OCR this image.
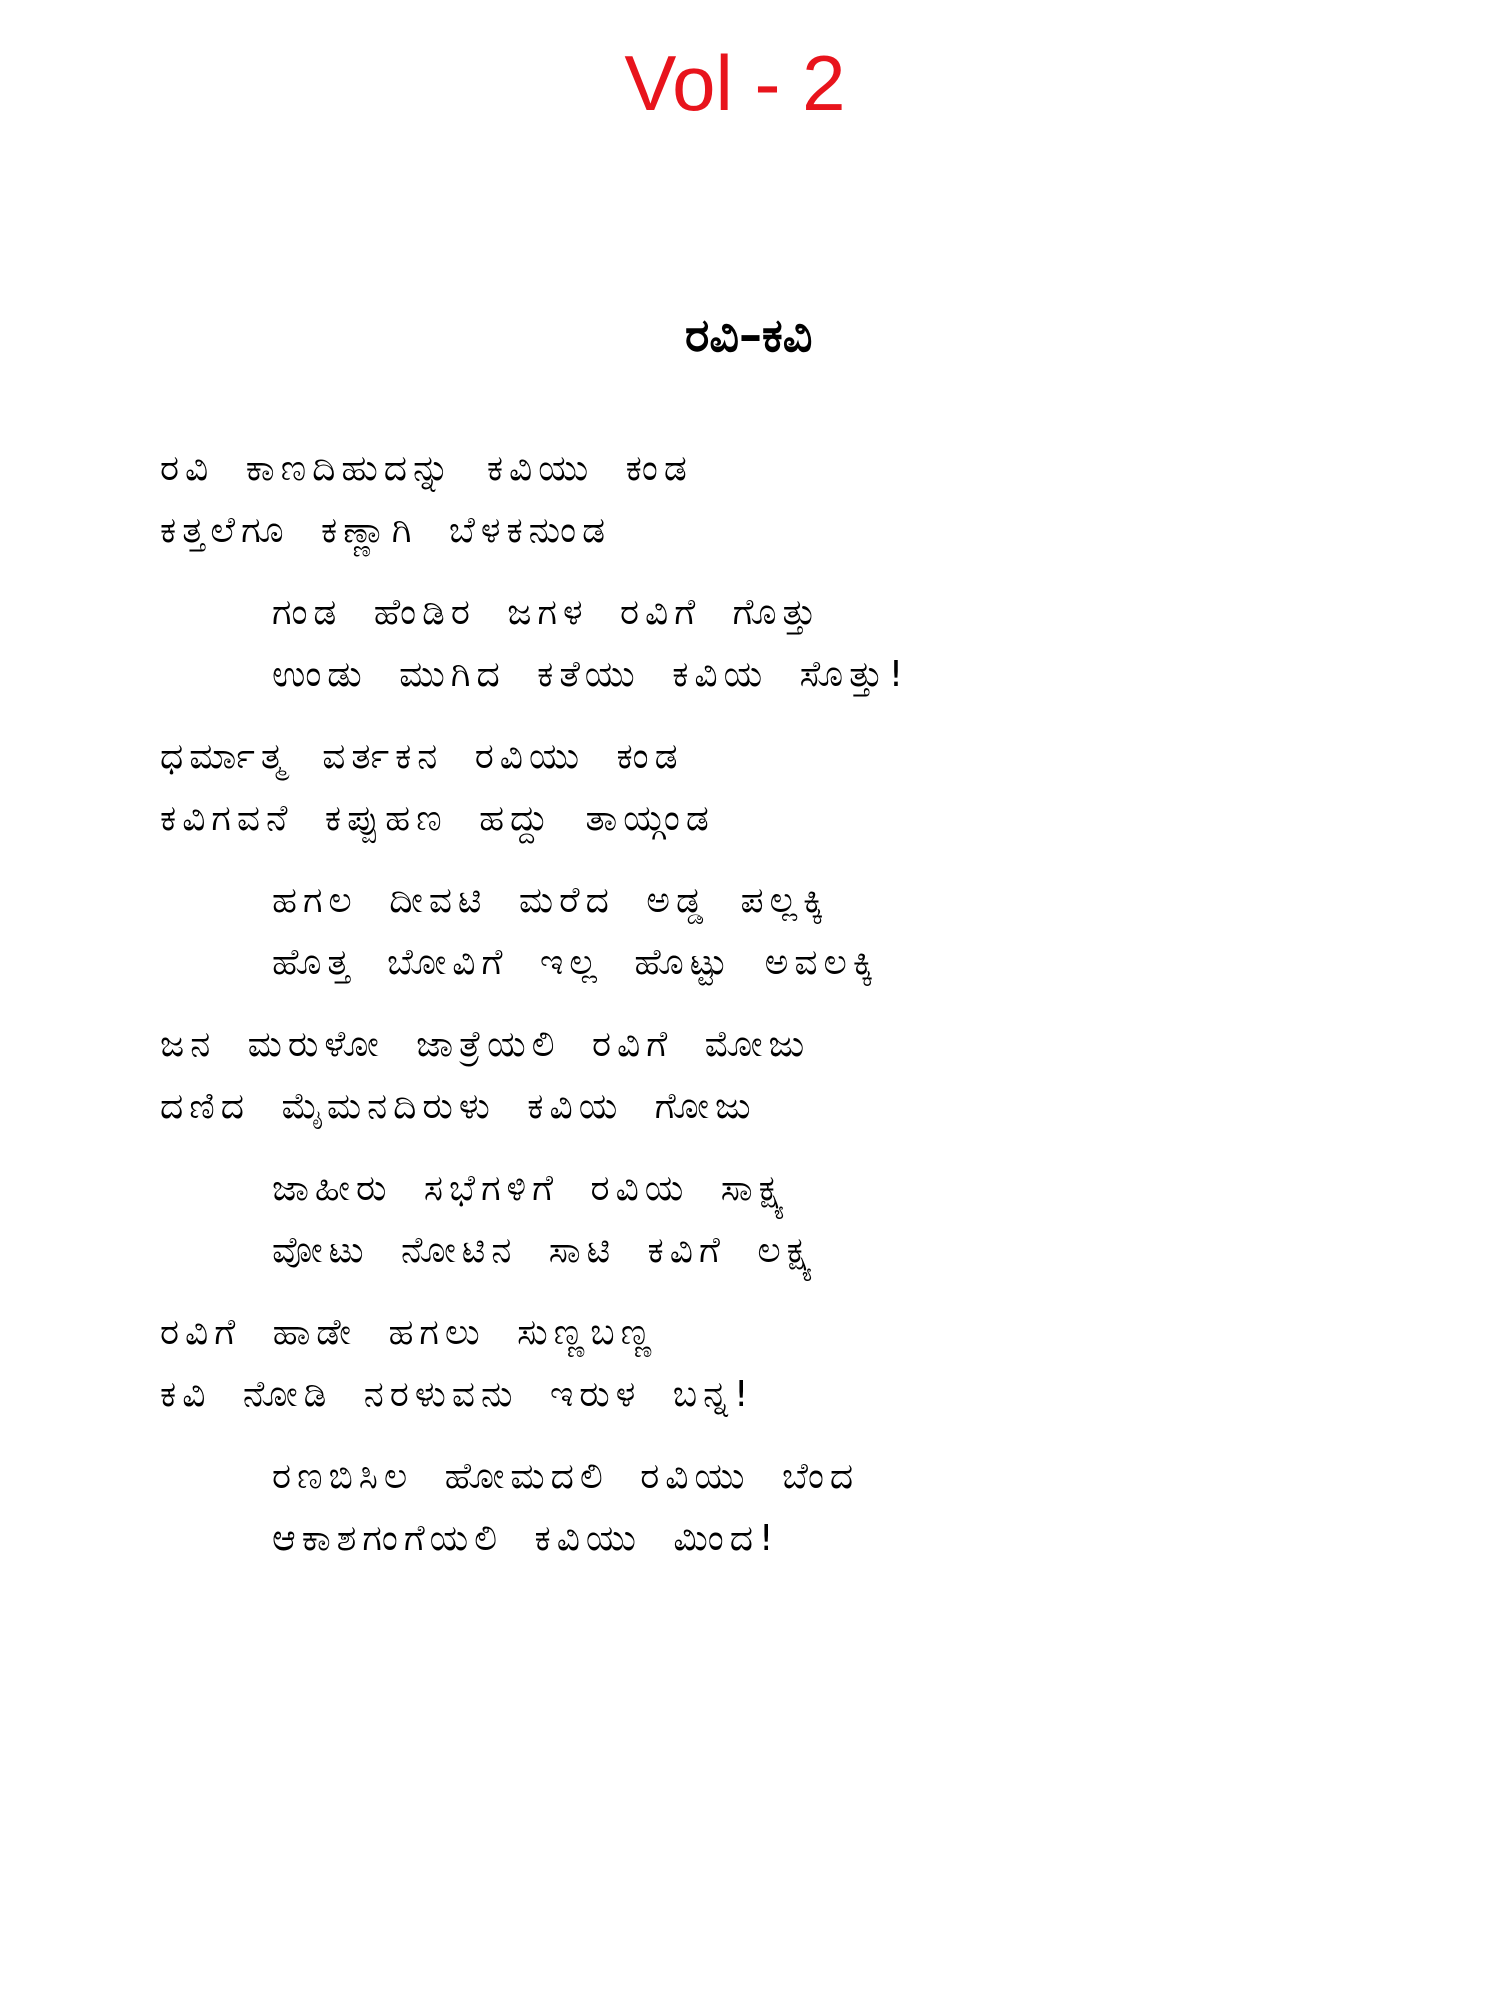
Vol - 2
ರವಿ–ಕವಿ
ರವಿ ಕಾಣದಿಹುದನ್ನು ಕವಿಯು ಕಂಡ
ಕತ್ತಲೆಗೂ ಕಣ್ಣಾಗಿ ಬೆಳಕನುಂಡ
ಗಂಡ ಹೆಂಡಿರ ಜಗಳ ರವಿಗೆ ಗೊತ್ತು
ಉಂಡು ಮುಗಿದ ಕತೆಯು ಕವಿಯ ಸೊತ್ತು!
ಧರ್ಮಾತ್ಮ ವರ್ತಕನ ರವಿಯು ಕಂಡ
ಕವಿಗವನೆ ಕಪ್ಪುಹಣ ಹದ್ದು ತಾಯ್ಗಂಡ
ಹಗಲ ದೀವಟಿ ಮರೆದ ಅಡ್ಡ ಪಲ್ಲಕ್ಕಿ
ಹೊತ್ತ ಬೋವಿಗೆ ಇಲ್ಲ ಹೊಟ್ಟು ಅವಲಕ್ಕಿ
ಜನ ಮರುಳೋ ಜಾತ್ರೆಯಲಿ ರವಿಗೆ ಮೋಜು
ದಣಿದ ಮೈಮನದಿರುಳು ಕವಿಯ ಗೋಜು
ಜಾಹೀರು ಸಭೆಗಳಿಗೆ ರವಿಯ ಸಾಕ್ಷ್ಯ
ವೋಟು ನೋಟಿನ ಸಾಟಿ ಕವಿಗೆ ಲಕ್ಷ್ಯ
ರವಿಗೆ ಹಾಡೇ ಹಗಲು ಸುಣ್ಣಬಣ್ಣ
ಕವಿ ನೋಡಿ ನರಳುವನು ಇರುಳ ಬನ್ನ!
ರಣಬಿಸಿಲ ಹೋಮದಲಿ ರವಿಯು ಬೆಂದ
ಆಕಾಶಗಂಗೆಯಲಿ ಕವಿಯು ಮಿಂದ!
